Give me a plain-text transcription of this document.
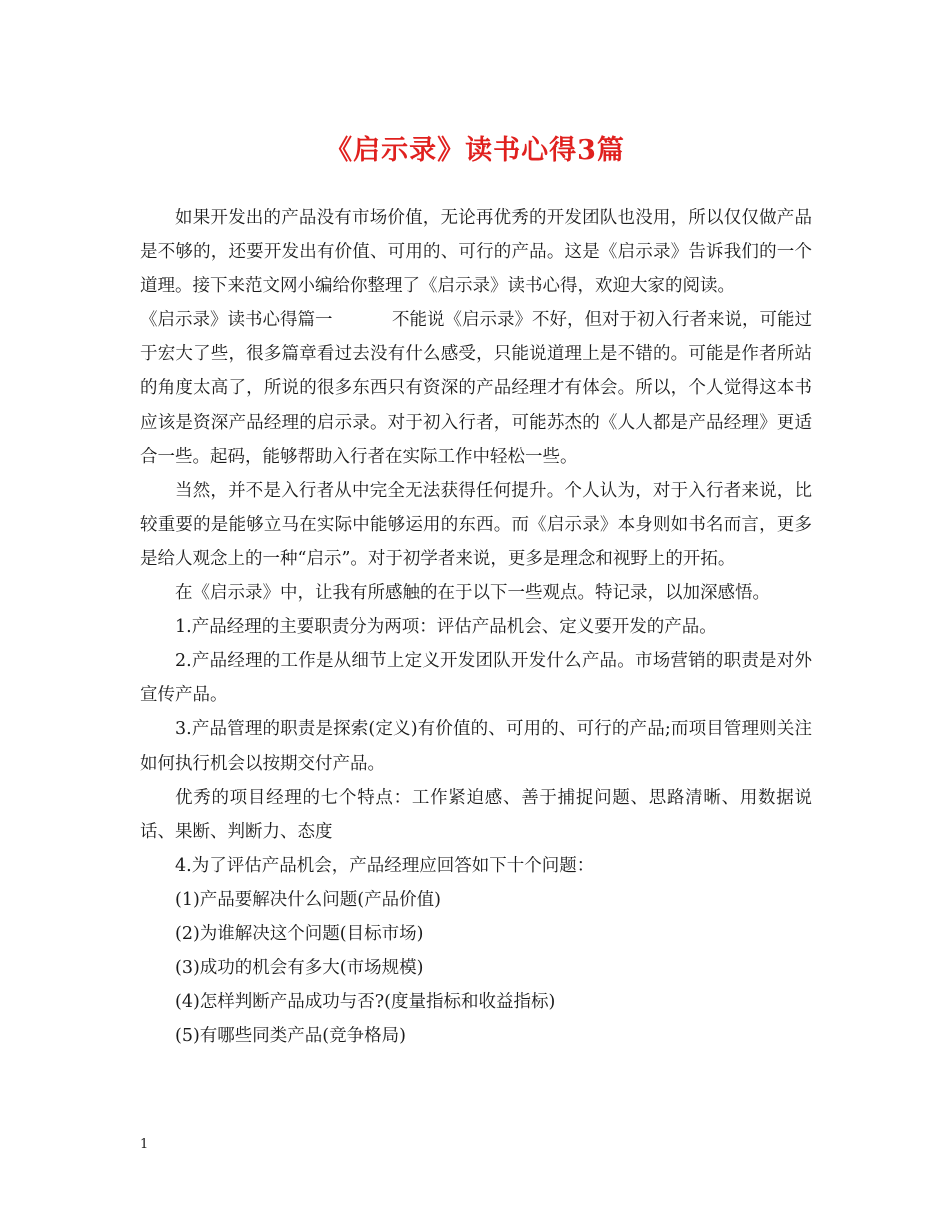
《启示录》读书心得3篇

如果开发出的产品没有市场价值，无论再优秀的开发团队也没用，所以仅仅做产品是不够的，还要开发出有价值、可用的、可行的产品。这是《启示录》告诉我们的一个道理。接下来范文网小编给你整理了《启示录》读书心得，欢迎大家的阅读。

《启示录》读书心得篇一	不能说《启示录》不好，但对于初入行者来说，可能过于宏大了些，很多篇章看过去没有什么感受，只能说道理上是不错的。可能是作者所站的角度太高了，所说的很多东西只有资深的产品经理才有体会。所以，个人觉得这本书应该是资深产品经理的启示录。对于初入行者，可能苏杰的《人人都是产品经理》更适合一些。起码，能够帮助入行者在实际工作中轻松一些。

当然，并不是入行者从中完全无法获得任何提升。个人认为，对于入行者来说，比较重要的是能够立马在实际中能够运用的东西。而《启示录》本身则如书名而言，更多是给人观念上的一种“启示”。对于初学者来说，更多是理念和视野上的开拓。

在《启示录》中，让我有所感触的在于以下一些观点。特记录，以加深感悟。

1.产品经理的主要职责分为两项：评估产品机会、定义要开发的产品。

2.产品经理的工作是从细节上定义开发团队开发什么产品。市场营销的职责是对外宣传产品。

3.产品管理的职责是探索(定义)有价值的、可用的、可行的产品;而项目管理则关注如何执行机会以按期交付产品。

优秀的项目经理的七个特点：工作紧迫感、善于捕捉问题、思路清晰、用数据说话、果断、判断力、态度

4.为了评估产品机会，产品经理应回答如下十个问题：

(1)产品要解决什么问题(产品价值)

(2)为谁解决这个问题(目标市场)

(3)成功的机会有多大(市场规模)

(4)怎样判断产品成功与否?(度量指标和收益指标)

(5)有哪些同类产品(竞争格局)

1
